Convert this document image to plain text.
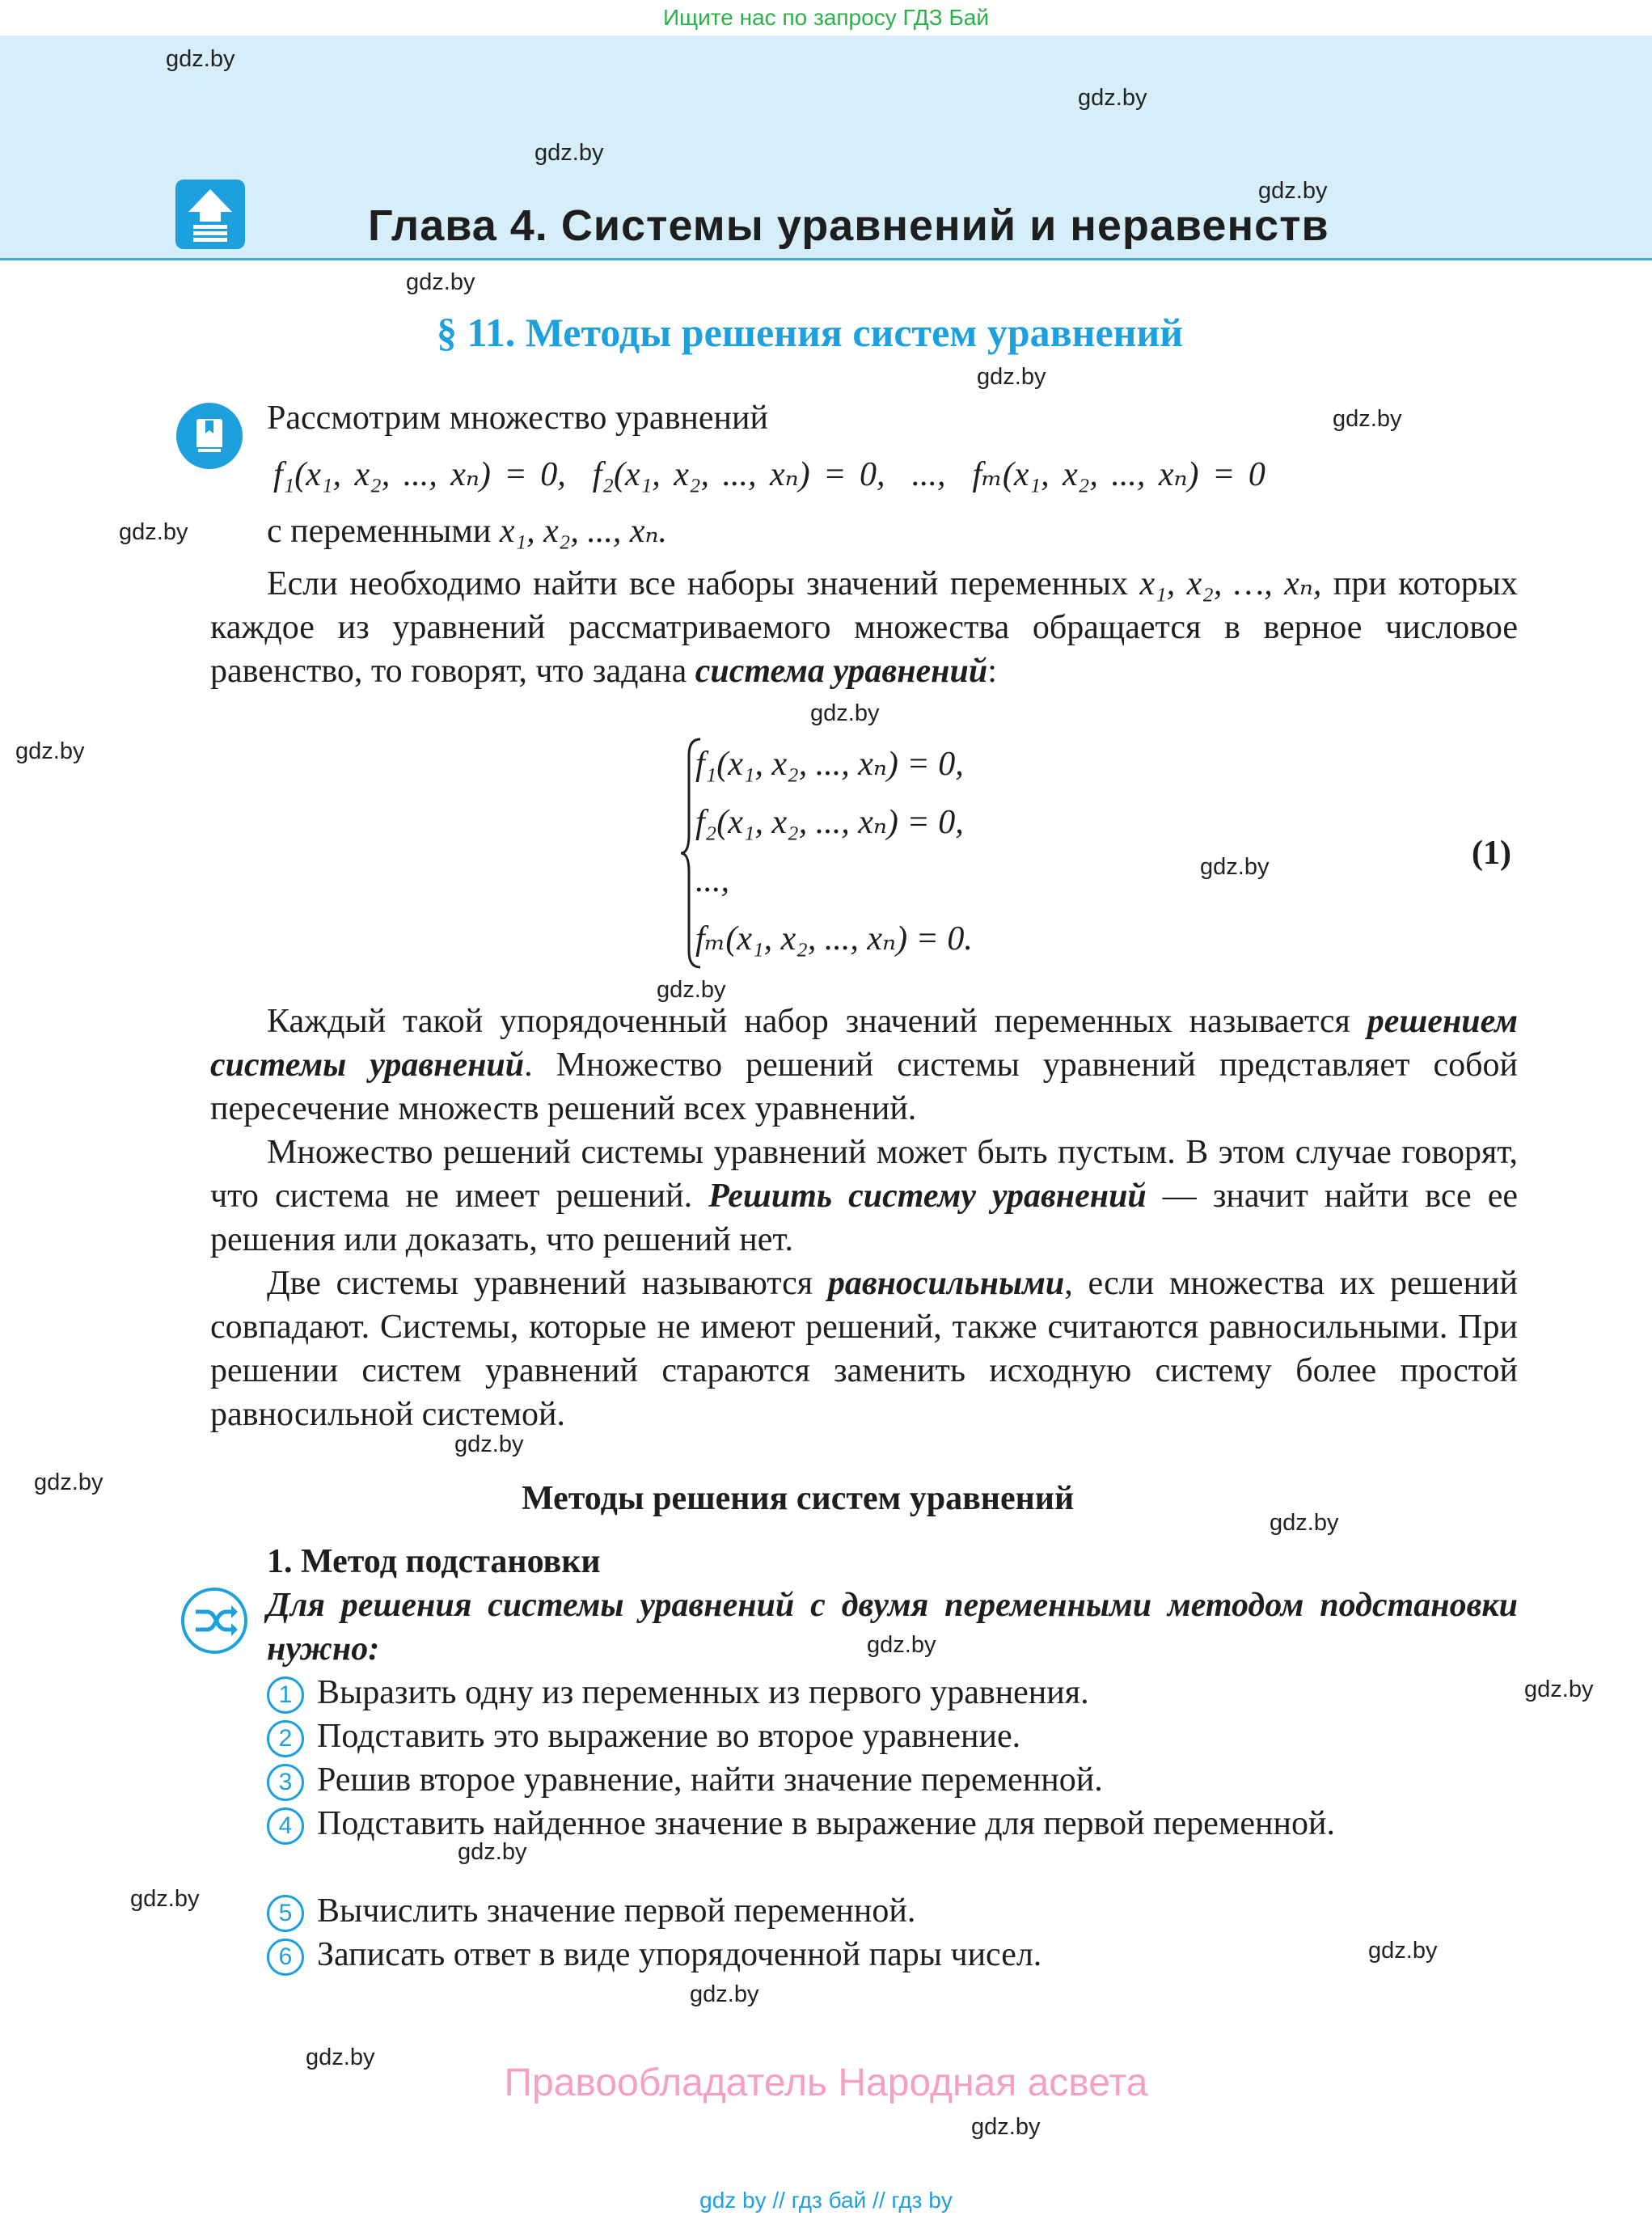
Ищите нас по запросу ГДЗ Бай
Глава 4. Системы уравнений и неравенств
§ 11. Методы решения систем уравнений
gdz.by
gdz.by
gdz.by
gdz.by
gdz.by
gdz.by
gdz.by
gdz.by
gdz.by
gdz.by
gdz.by
gdz.by
gdz.by
gdz.by
gdz.by
gdz.by
gdz.by
gdz.by
gdz.by
gdz.by
gdz.by
gdz.by
gdz.by
Рассмотрим множество уравнений
f₁(x₁, x₂, ..., xₙ) = 0, f₂(x₁, x₂, ..., xₙ) = 0, ..., fₘ(x₁, x₂, ..., xₙ) = 0
с переменными x₁, x₂, ..., xₙ.
Если необходимо найти все наборы значений переменных x₁, x₂, …, xₙ, при которых каждое из уравнений рассматриваемого множества обращается в верное числовое равенство, то говорят, что задана система уравнений:
f₁(x₁, x₂, ..., xₙ) = 0,
f₂(x₁, x₂, ..., xₙ) = 0,
...,
fₘ(x₁, x₂, ..., xₙ) = 0.
(1)
Каждый такой упорядоченный набор значений переменных называется решением системы уравнений. Множество решений системы уравнений представляет собой пересечение множеств решений всех уравнений.
Множество решений системы уравнений может быть пустым. В этом случае говорят, что система не имеет решений. Решить систему уравнений — значит найти все ее решения или доказать, что решений нет.
Две системы уравнений называются равносильными, если множества их решений совпадают. Системы, которые не имеют решений, также считаются равносильными. При решении систем уравнений стараются заменить исходную систему более простой равносильной системой.
Методы решения систем уравнений
1. Метод подстановки
Для решения системы уравнений с двумя переменными методом подстановки нужно:
1 Выразить одну из переменных из первого уравнения.
2 Подставить это выражение во второе уравнение.
3 Решив второе уравнение, найти значение переменной.
4 Подставить найденное значение в выражение для первой переменной.
5 Вычислить значение первой переменной.
6 Записать ответ в виде упорядоченной пары чисел.
Правообладатель Народная асвета
gdz by // гдз бай // гдз by
